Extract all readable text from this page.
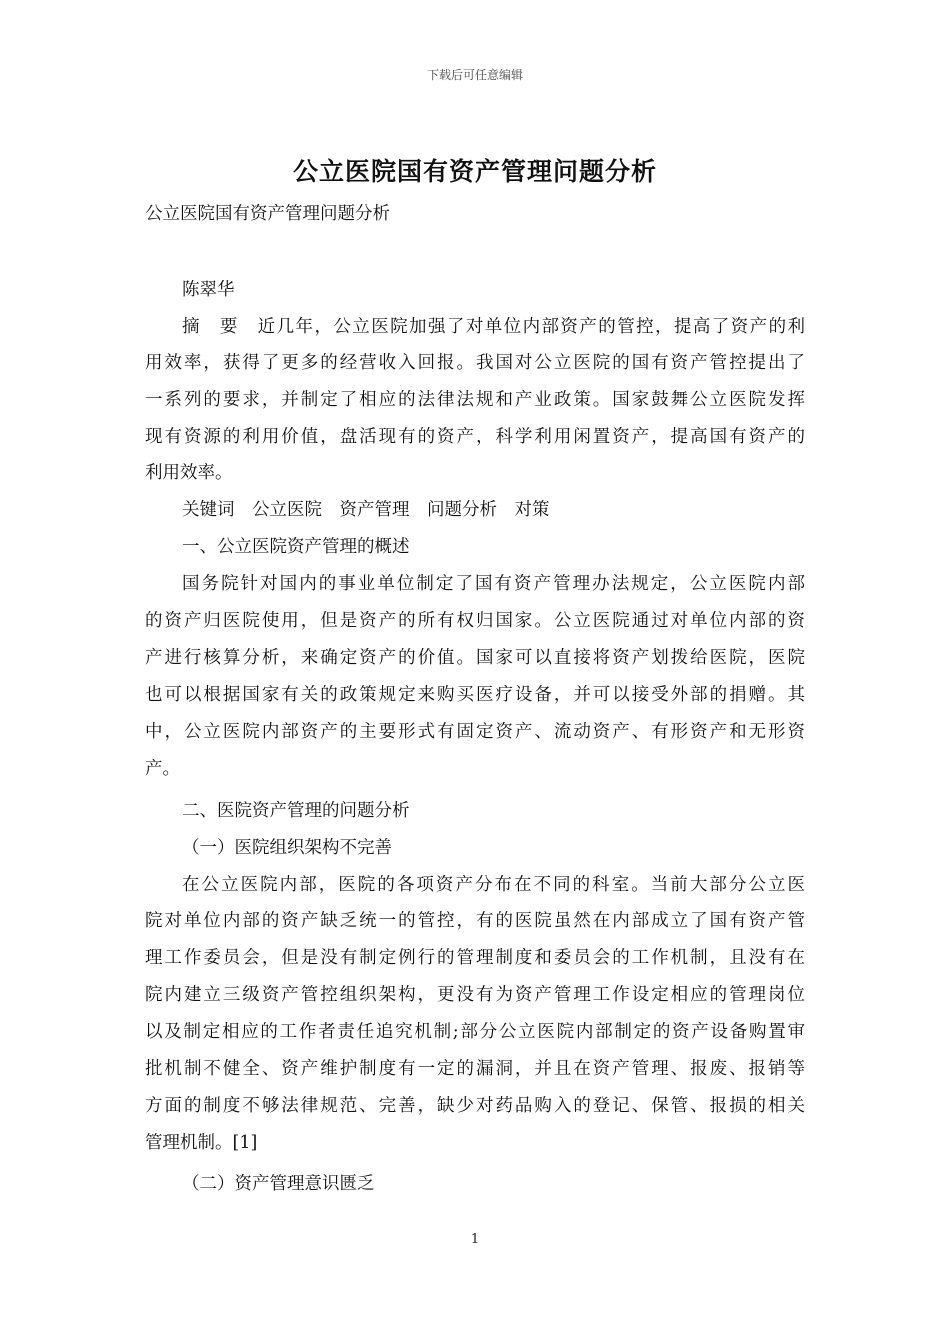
下载后可任意编辑
公立医院国有资产管理问题分析
公立医院国有资产管理问题分析
陈翠华
摘　要　近几年，公立医院加强了对单位内部资产的管控，提高了资产的利
用效率，获得了更多的经营收入回报。我国对公立医院的国有资产管控提出了
一系列的要求，并制定了相应的法律法规和产业政策。国家鼓舞公立医院发挥
现有资源的利用价值，盘活现有的资产，科学利用闲置资产，提高国有资产的
利用效率。
关键词　公立医院　资产管理　问题分析　对策
一、公立医院资产管理的概述
国务院针对国内的事业单位制定了国有资产管理办法规定，公立医院内部
的资产归医院使用，但是资产的所有权归国家。公立医院通过对单位内部的资
产进行核算分析，来确定资产的价值。国家可以直接将资产划拨给医院，医院
也可以根据国家有关的政策规定来购买医疗设备，并可以接受外部的捐赠。其
中，公立医院内部资产的主要形式有固定资产、流动资产、有形资产和无形资
产。
二、医院资产管理的问题分析
（一）医院组织架构不完善
在公立医院内部，医院的各项资产分布在不同的科室。当前大部分公立医
院对单位内部的资产缺乏统一的管控，有的医院虽然在内部成立了国有资产管
理工作委员会，但是没有制定例行的管理制度和委员会的工作机制，且没有在
院内建立三级资产管控组织架构，更没有为资产管理工作设定相应的管理岗位
以及制定相应的工作者责任追究机制;部分公立医院内部制定的资产设备购置审
批机制不健全、资产维护制度有一定的漏洞，并且在资产管理、报废、报销等
方面的制度不够法律规范、完善，缺少对药品购入的登记、保管、报损的相关
管理机制。[1]
（二）资产管理意识匮乏
1
